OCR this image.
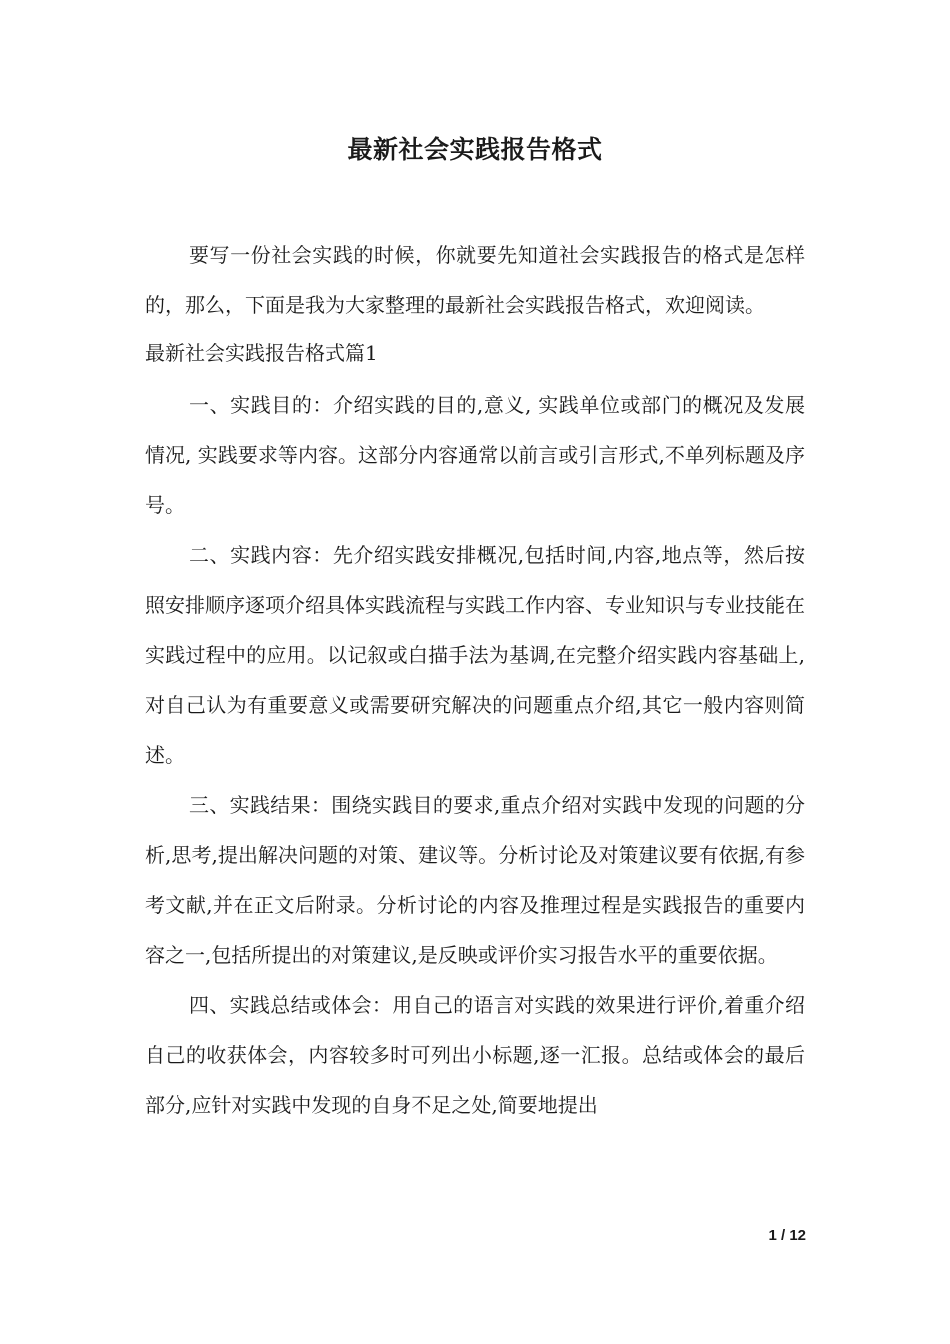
最新社会实践报告格式

要写一份社会实践的时候，你就要先知道社会实践报告的格式是怎样的，那么，下面是我为大家整理的最新社会实践报告格式，欢迎阅读。

最新社会实践报告格式篇1

一、实践目的：介绍实践的目的,意义, 实践单位或部门的概况及发展情况, 实践要求等内容。这部分内容通常以前言或引言形式,不单列标题及序号。

二、实践内容：先介绍实践安排概况,包括时间,内容,地点等，然后按照安排顺序逐项介绍具体实践流程与实践工作内容、专业知识与专业技能在实践过程中的应用。以记叙或白描手法为基调,在完整介绍实践内容基础上,对自己认为有重要意义或需要研究解决的问题重点介绍,其它一般内容则简述。

三、实践结果：围绕实践目的要求,重点介绍对实践中发现的问题的分析,思考,提出解决问题的对策、建议等。分析讨论及对策建议要有依据,有参考文献,并在正文后附录。分析讨论的内容及推理过程是实践报告的重要内容之一,包括所提出的对策建议,是反映或评价实习报告水平的重要依据。

四、实践总结或体会：用自己的语言对实践的效果进行评价,着重介绍自己的收获体会，内容较多时可列出小标题,逐一汇报。总结或体会的最后部分,应针对实践中发现的自身不足之处,简要地提出

1 / 12
